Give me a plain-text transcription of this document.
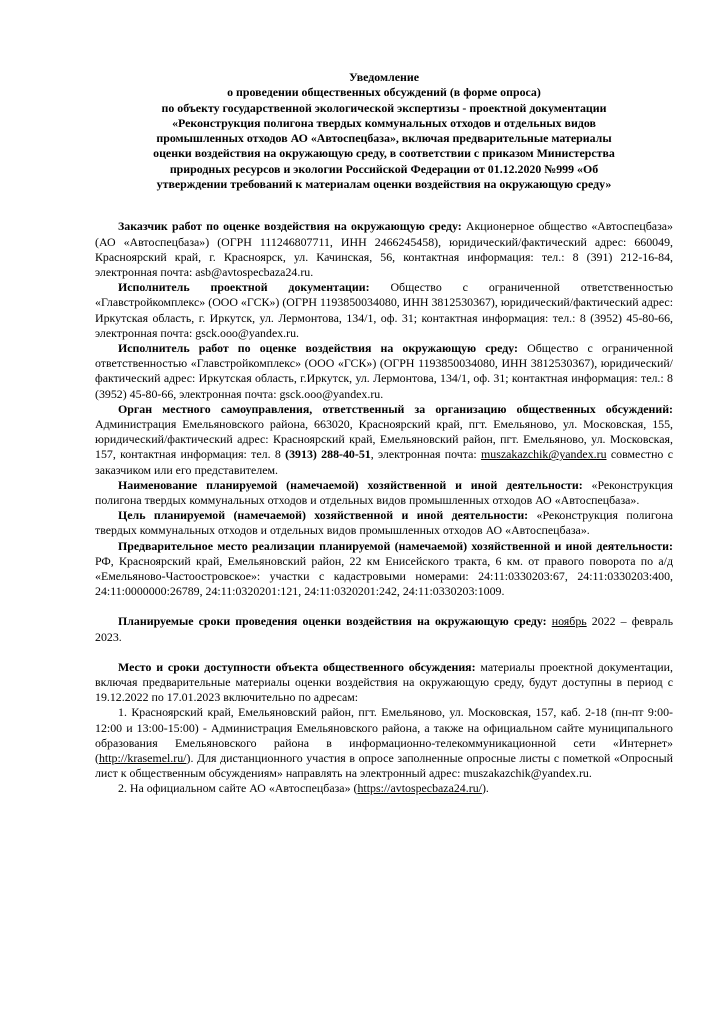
Уведомление
о проведении общественных обсуждений (в форме опроса)
по объекту государственной экологической экспертизы - проектной документации
«Реконструкция полигона твердых коммунальных отходов и отдельных видов
промышленных отходов АО «Автоспецбаза», включая предварительные материалы
оценки воздействия на окружающую среду, в соответствии с приказом Министерства
природных ресурсов и экологии Российской Федерации от 01.12.2020 №999 «Об
утверждении требований к материалам оценки воздействия на окружающую среду»

Заказчик работ по оценке воздействия на окружающую среду: Акционерное общество «Автоспецбаза» (АО «Автоспецбаза») (ОГРН 111246807711, ИНН 2466245458), юридический/фактический адрес: 660049, Красноярский край, г. Красноярск, ул. Качинская, 56, контактная информация: тел.: 8 (391) 212-16-84, электронная почта: asb@avtospecbaza24.ru.

Исполнитель проектной документации: Общество с ограниченной ответственностью «Главстройкомплекс» (ООО «ГСК») (ОГРН 1193850034080, ИНН 3812530367), юридический/фактический адрес: Иркутская область, г. Иркутск, ул. Лермонтова, 134/1, оф. 31; контактная информация: тел.: 8 (3952) 45-80-66, электронная почта: gsck.ooo@yandex.ru.

Исполнитель работ по оценке воздействия на окружающую среду: Общество с ограниченной ответственностью «Главстройкомплекс» (ООО «ГСК») (ОГРН 1193850034080, ИНН 3812530367), юридический/фактический адрес: Иркутская область, г.Иркутск, ул. Лермонтова, 134/1, оф. 31; контактная информация: тел.: 8 (3952) 45-80-66, электронная почта: gsck.ooo@yandex.ru.

Орган местного самоуправления, ответственный за организацию общественных обсуждений: Администрация Емельяновского района, 663020, Красноярский край, пгт. Емельяново, ул. Московская, 155, юридический/фактический адрес: Красноярский край, Емельяновский район, пгт. Емельяново, ул. Московская, 157, контактная информация: тел. 8 (3913) 288-40-51, электронная почта: muszakazchik@yandex.ru совместно с заказчиком или его представителем.

Наименование планируемой (намечаемой) хозяйственной и иной деятельности: «Реконструкция полигона твердых коммунальных отходов и отдельных видов промышленных отходов АО «Автоспецбаза».

Цель планируемой (намечаемой) хозяйственной и иной деятельности: «Реконструкция полигона твердых коммунальных отходов и отдельных видов промышленных отходов АО «Автоспецбаза».

Предварительное место реализации планируемой (намечаемой) хозяйственной и иной деятельности: РФ, Красноярский край, Емельяновский район, 22 км Енисейского тракта, 6 км. от правого поворота по а/д «Емельяново-Частоостровское»: участки с кадастровыми номерами: 24:11:0330203:67, 24:11:0330203:400, 24:11:0000000:26789, 24:11:0320201:121, 24:11:0320201:242, 24:11:0330203:1009.

Планируемые сроки проведения оценки воздействия на окружающую среду: ноябрь 2022 – февраль 2023.

Место и сроки доступности объекта общественного обсуждения: материалы проектной документации, включая предварительные материалы оценки воздействия на окружающую среду, будут доступны в период с 19.12.2022 по 17.01.2023 включительно по адресам:

1. Красноярский край, Емельяновский район, пгт. Емельяново, ул. Московская, 157, каб. 2-18 (пн-пт 9:00-12:00 и 13:00-15:00) - Администрация Емельяновского района, а также на официальном сайте муниципального образования Емельяновского района в информационно-телекоммуникационной сети «Интернет» (http://krasemel.ru/). Для дистанционного участия в опросе заполненные опросные листы с пометкой «Опросный лист к общественным обсуждениям» направлять на электронный адрес: muszakazchik@yandex.ru.

2. На официальном сайте АО «Автоспецбаза» (https://avtospecbaza24.ru/).
